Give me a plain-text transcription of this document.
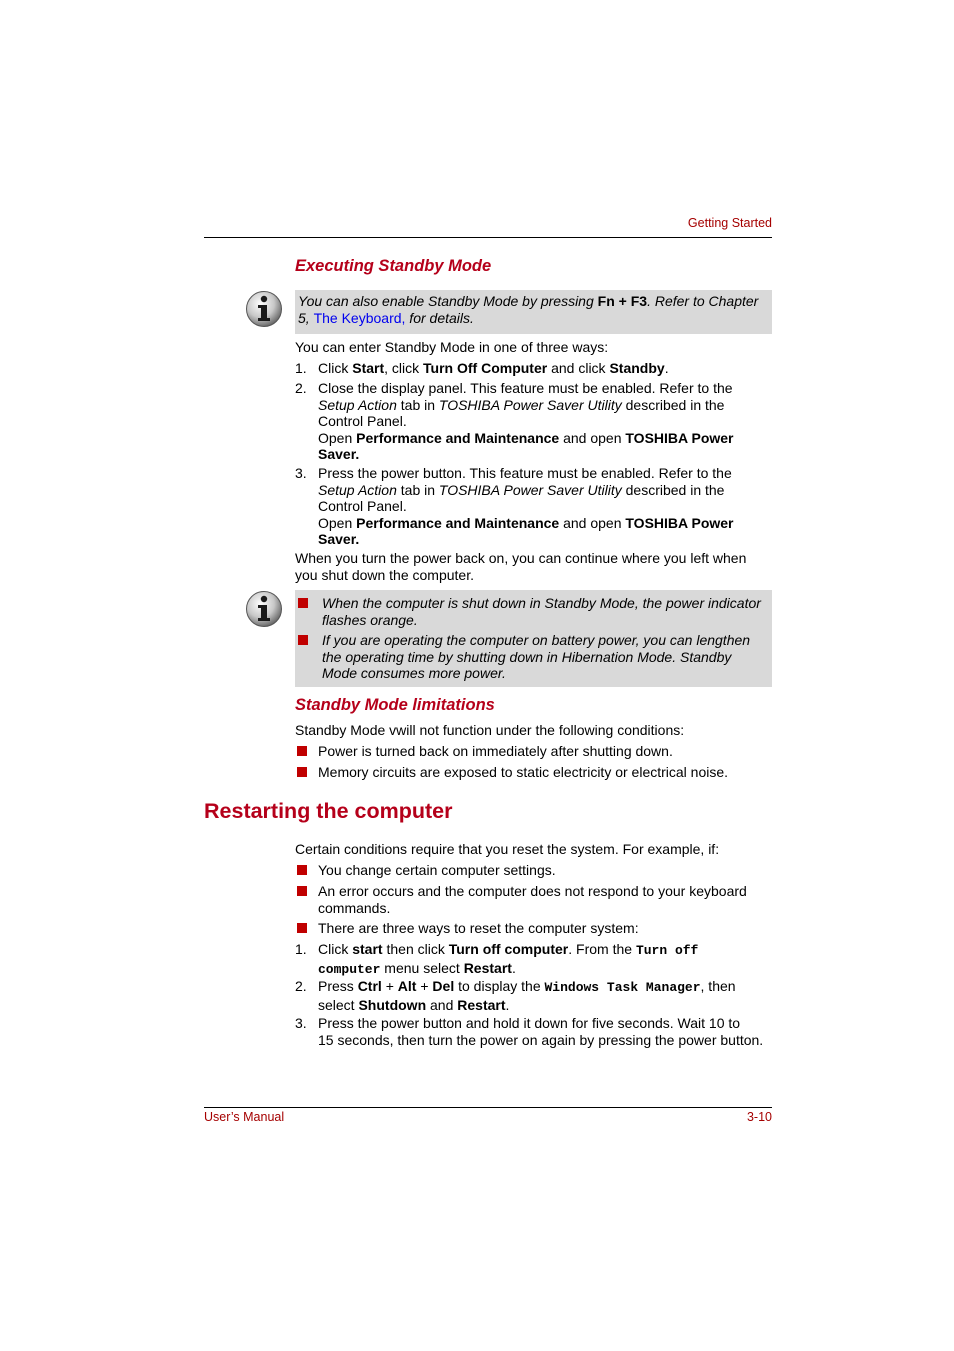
Getting Started
Executing Standby Mode
You can also enable Standby Mode by pressing Fn + F3. Refer to Chapter 5, The Keyboard, for details.
You can enter Standby Mode in one of three ways:
1. Click Start, click Turn Off Computer and click Standby.
2. Close the display panel. This feature must be enabled. Refer to the
Setup Action tab in TOSHIBA Power Saver Utility described in the
Control Panel.
Open Performance and Maintenance and open TOSHIBA Power
Saver.
3. Press the power button. This feature must be enabled. Refer to the
Setup Action tab in TOSHIBA Power Saver Utility described in the
Control Panel.
Open Performance and Maintenance and open TOSHIBA Power
Saver.
When you turn the power back on, you can continue where you left when you shut down the computer.
When the computer is shut down in Standby Mode, the power indicator flashes orange.
If you are operating the computer on battery power, you can lengthen the operating time by shutting down in Hibernation Mode. Standby Mode consumes more power.
Standby Mode limitations
Standby Mode vwill not function under the following conditions:
Power is turned back on immediately after shutting down.
Memory circuits are exposed to static electricity or electrical noise.
Restarting the computer
Certain conditions require that you reset the system. For example, if:
You change certain computer settings.
An error occurs and the computer does not respond to your keyboard commands.
There are three ways to reset the computer system:
1. Click start then click Turn off computer. From the Turn off
computer menu select Restart.
2. Press Ctrl + Alt + Del to display the Windows Task Manager, then
select Shutdown and Restart.
3. Press the power button and hold it down for five seconds. Wait 10 to
15 seconds, then turn the power on again by pressing the power button.
User’s Manual	3-10
